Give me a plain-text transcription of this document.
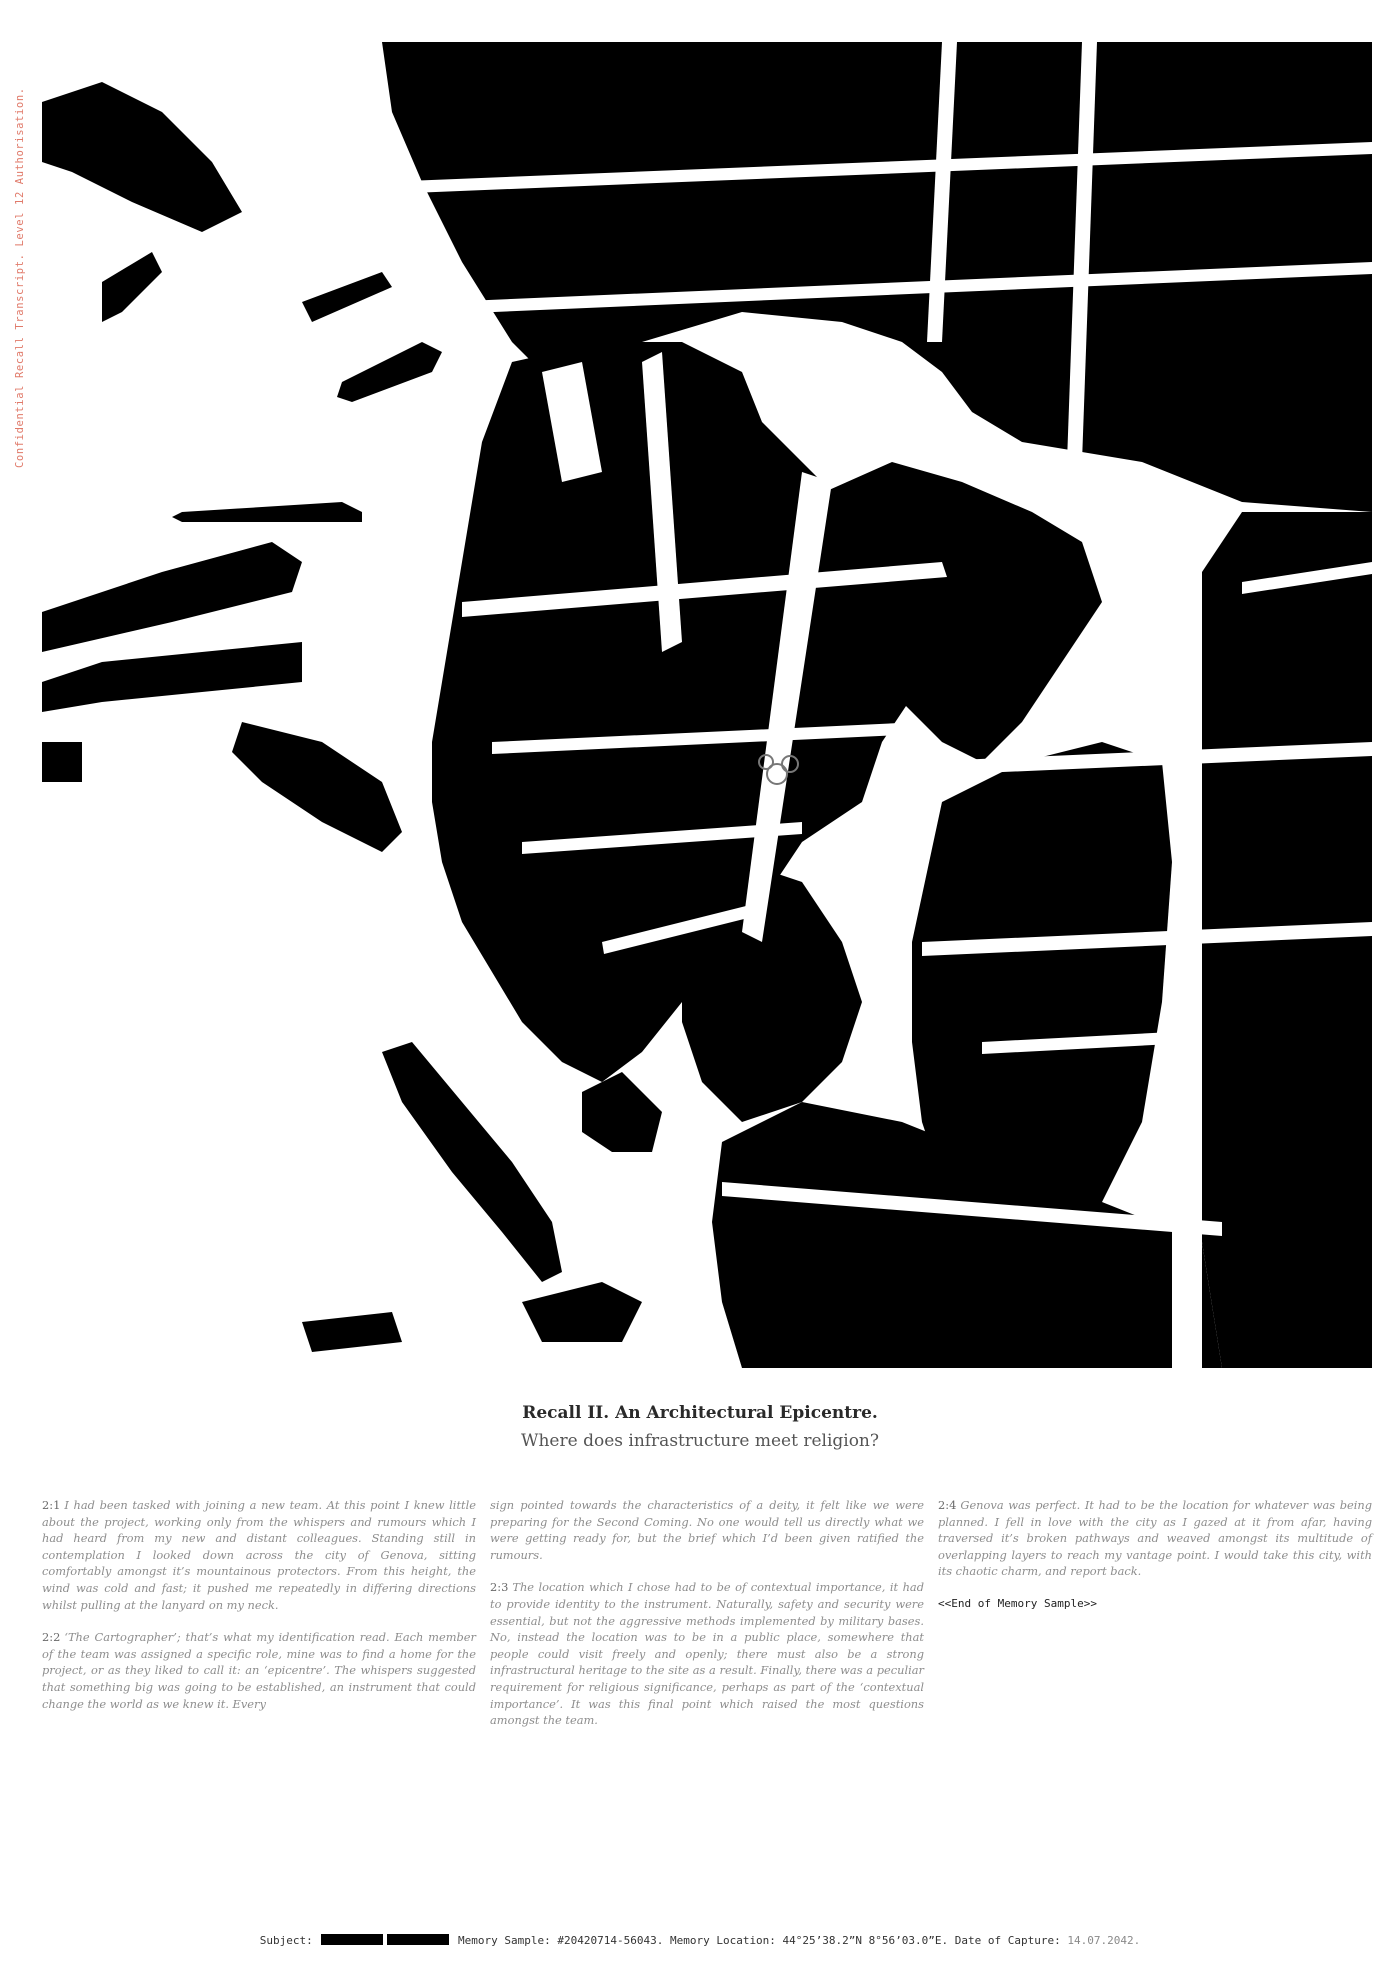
Confidential Recall Transcript. Level 12 Authorisation.
Recall II. An Architectural Epicentre.

Where does infrastructure meet religion?

2:1 I had been tasked with joining a new team. At this point I knew little about the project, working only from the whispers and rumours which I had heard from my new and distant colleagues. Standing still in contemplation I looked down across the city of Genova, sitting comfortably amongst it’s mountainous protectors. From this height, the wind was cold and fast; it pushed me repeatedly in differing directions whilst pulling at the lanyard on my neck.

2:2 ‘The Cartographer’; that’s what my identification read. Each member of the team was assigned a specific role, mine was to find a home for the project, or as they liked to call it: an ‘epicentre’. The whispers suggested that something big was going to be established, an instrument that could change the world as we knew it. Every

sign pointed towards the characteristics of a deity, it felt like we were preparing for the Second Coming. No one would tell us directly what we were getting ready for, but the brief which I’d been given ratified the rumours.

2:3 The location which I chose had to be of contextual importance, it had to provide identity to the instrument. Naturally, safety and security were essential, but not the aggressive methods implemented by military bases. No, instead the location was to be in a public place, somewhere that people could visit freely and openly; there must also be a strong infrastructural heritage to the site as a result. Finally, there was a peculiar requirement for religious significance, perhaps as part of the ‘contextual importance’. It was this final point which raised the most questions amongst the team.

2:4 Genova was perfect. It had to be the location for whatever was being planned. I fell in love with the city as I gazed at it from afar, having traversed it’s broken pathways and weaved amongst its multitude of overlapping layers to reach my vantage point. I would take this city, with its chaotic charm, and report back.

<<End of Memory Sample>>
Subject:	Memory Sample: #20420714-56043. Memory Location: 44°25’38.2”N 8°56’03.0”E. Date of Capture: 14.07.2042.
